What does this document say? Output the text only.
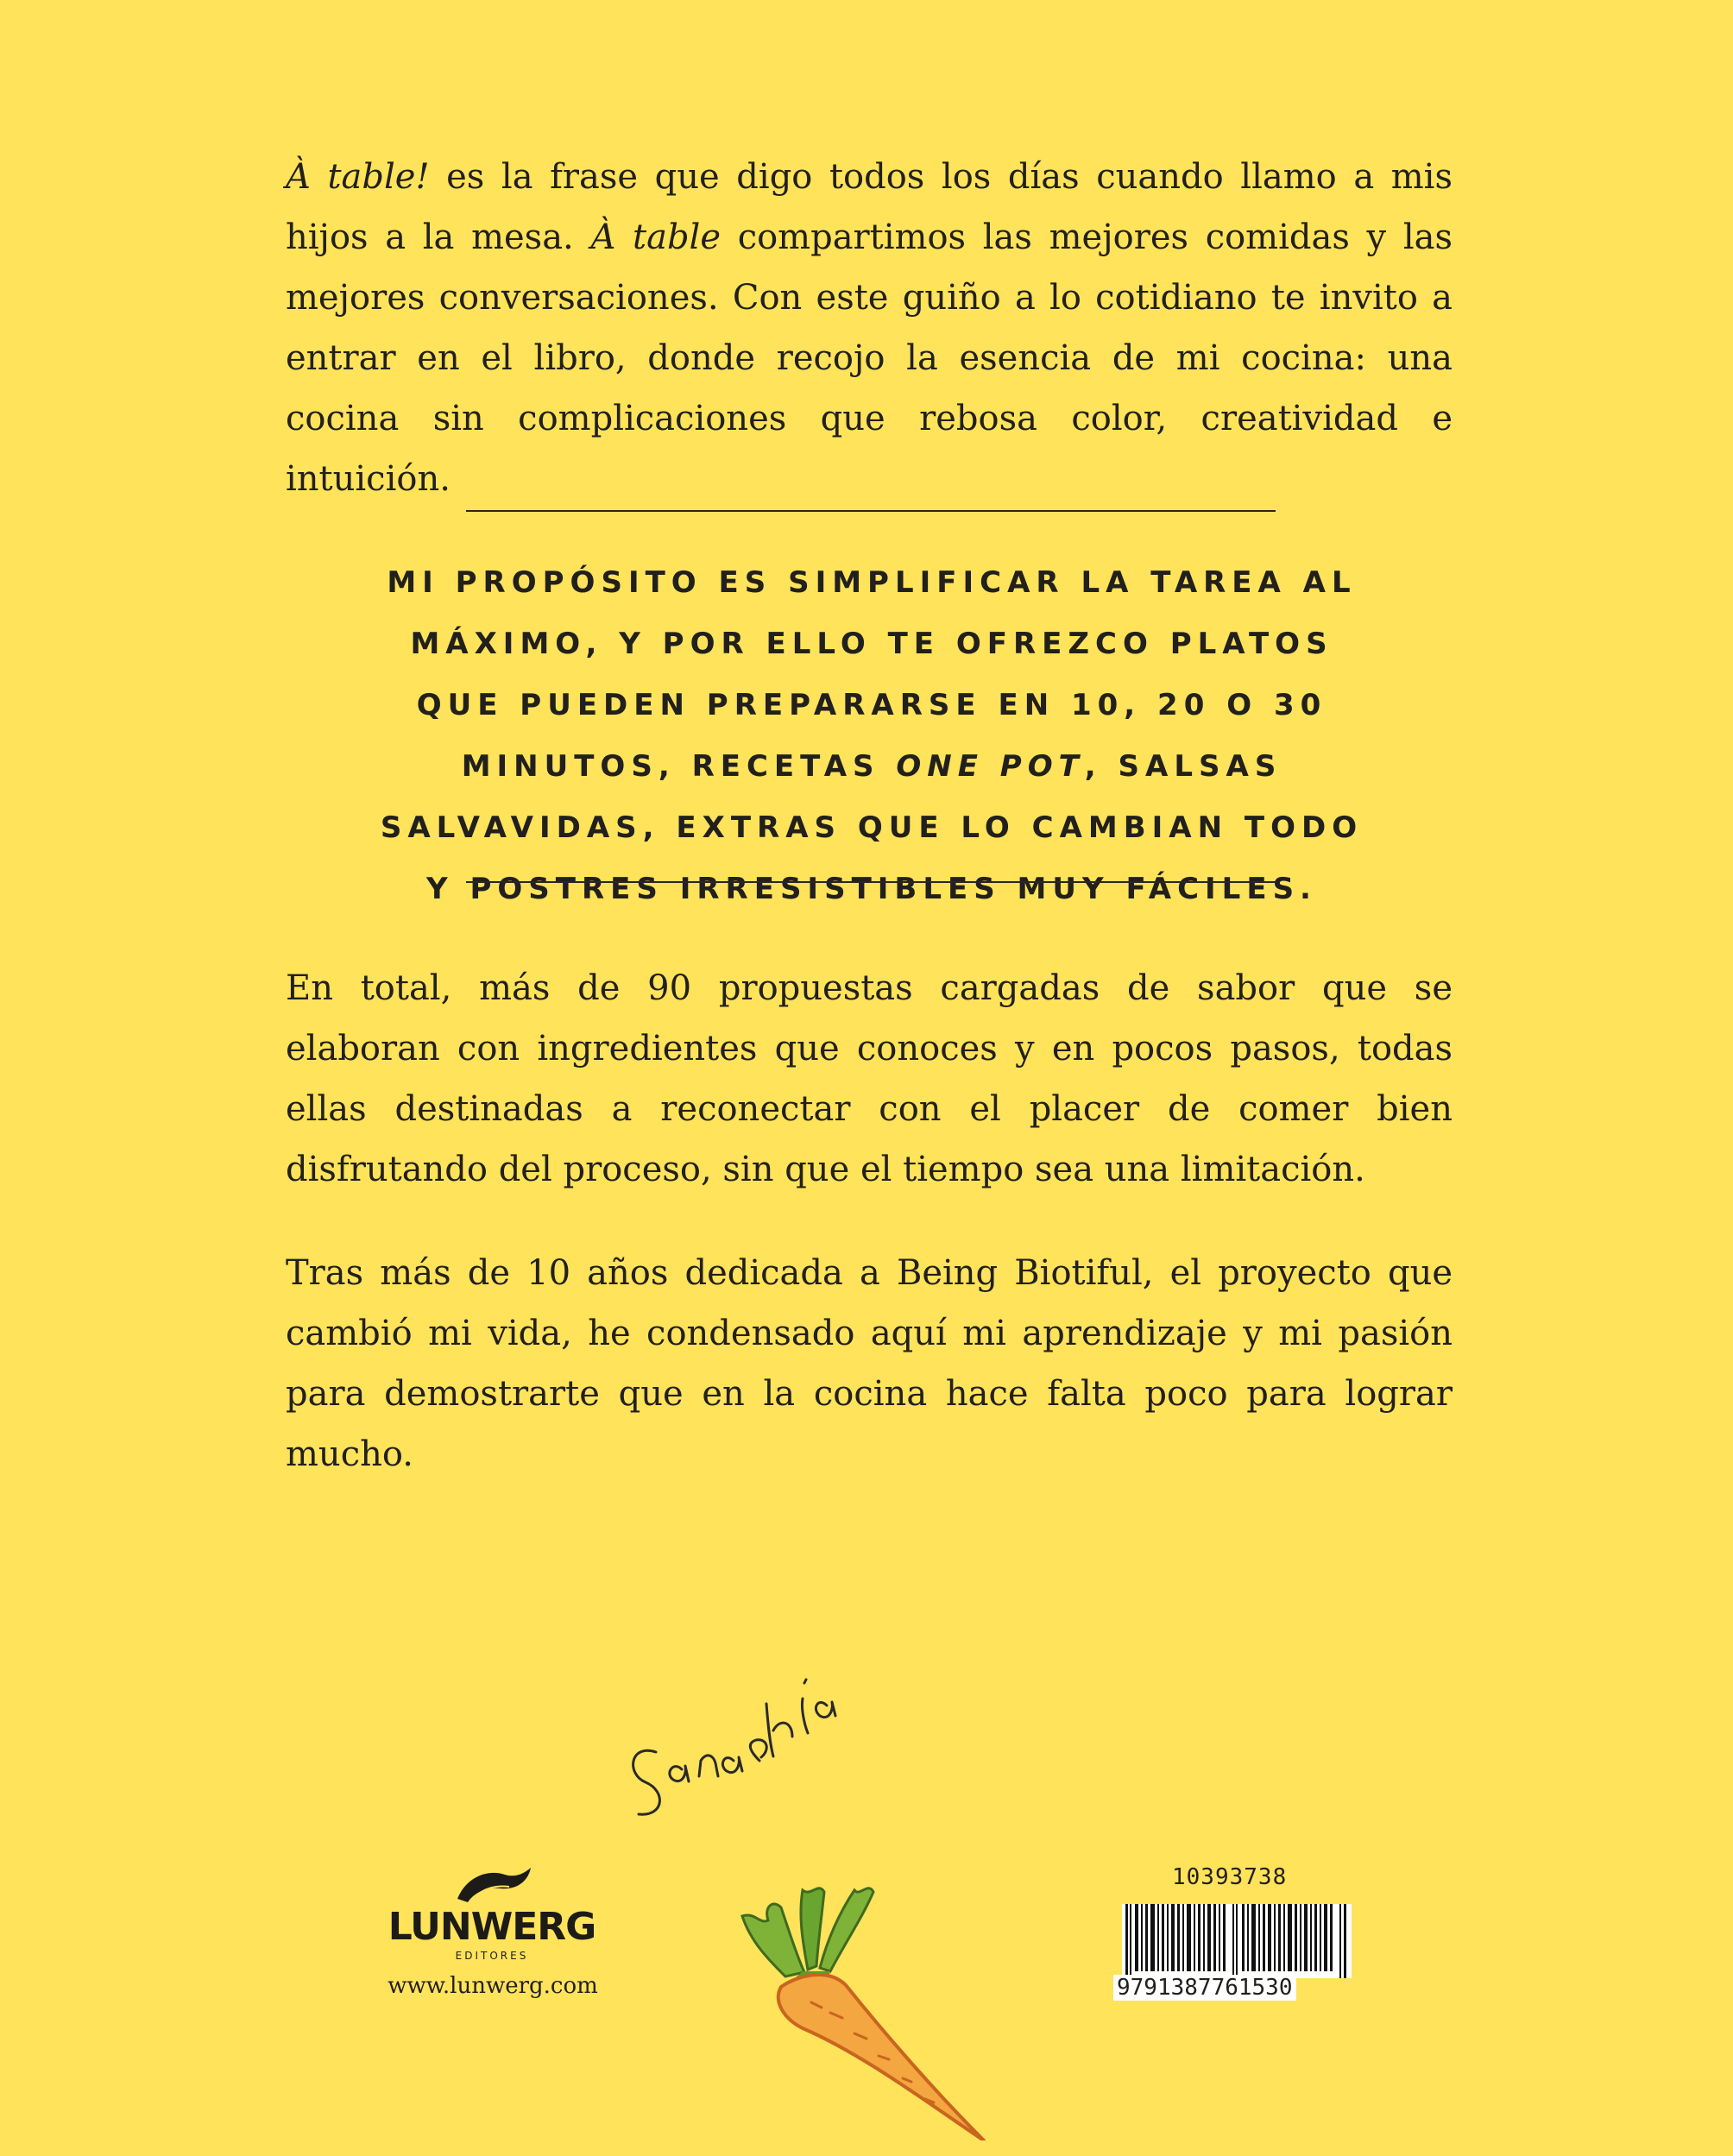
À table! es la frase que digo todos los días cuando llamo a mis hijos a la mesa. À table compartimos las mejores comidas y las mejores conversaciones. Con este guiño a lo cotidiano te invito a entrar en el libro, donde recojo la esencia de mi cocina: una cocina sin complicaciones que rebosa color, creatividad e intuición.

MI PROPÓSITO ES SIMPLIFICAR LA TAREA AL MÁXIMO, Y POR ELLO TE OFREZCO PLATOS QUE PUEDEN PREPARARSE EN 10, 20 O 30 MINUTOS, RECETAS ONE POT, SALSAS SALVAVIDAS, EXTRAS QUE LO CAMBIAN TODO Y POSTRES IRRESISTIBLES MUY FÁCILES.

En total, más de 90 propuestas cargadas de sabor que se elaboran con ingredientes que conoces y en pocos pasos, todas ellas destinadas a reconectar con el placer de comer bien disfrutando del proceso, sin que el tiempo sea una limitación.

Tras más de 10 años dedicada a Being Biotiful, el proyecto que cambió mi vida, he condensado aquí mi aprendizaje y mi pasión para demostrarte que en la cocina hace falta poco para lograr mucho.

LUNWERG
EDITORES
www.lunwerg.com
10393738
9791387761530
